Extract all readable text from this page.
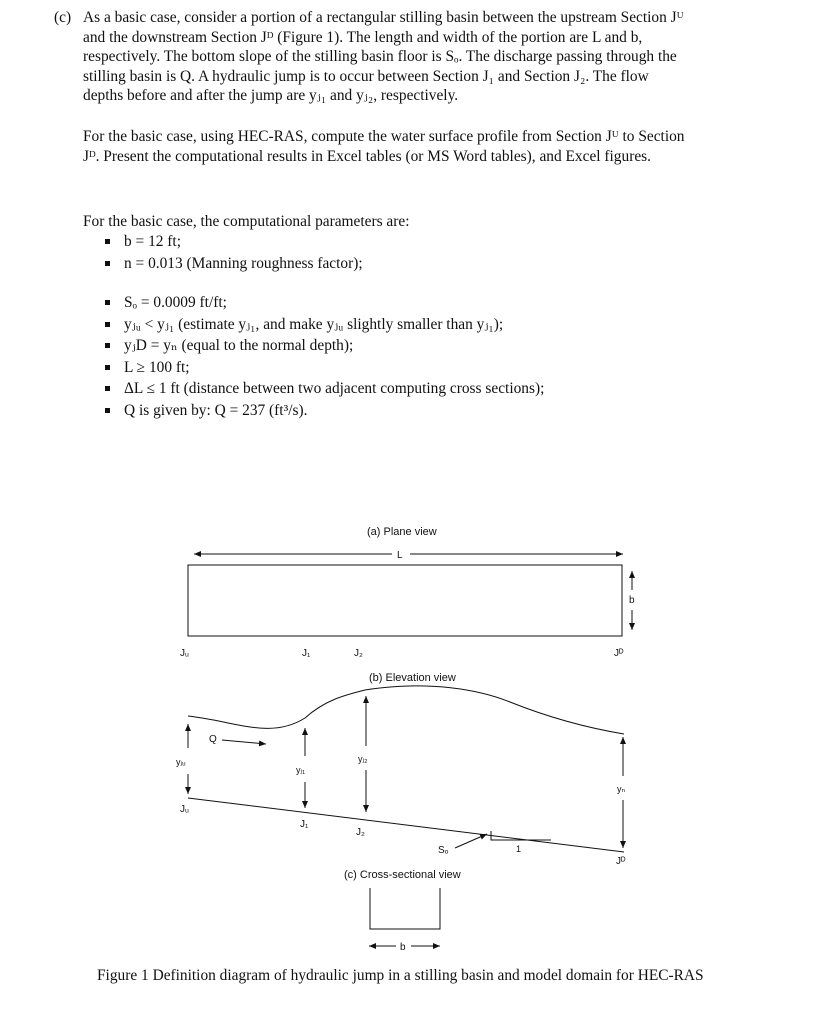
(c) As a basic case, consider a portion of a rectangular stilling basin between the upstream Section Jᵁ
and the downstream Section Jᴰ (Figure 1). The length and width of the portion are L and b,
respectively. The bottom slope of the stilling basin floor is Sₒ. The discharge passing through the
stilling basin is Q. A hydraulic jump is to occur between Section J₁ and Section J₂. The flow
depths before and after the jump are yⱼ₁ and yⱼ₂, respectively.
For the basic case, using HEC-RAS, compute the water surface profile from Section Jᵁ to Section
Jᴰ. Present the computational results in Excel tables (or MS Word tables), and Excel figures.
For the basic case, the computational parameters are:
b = 12 ft;
n = 0.013 (Manning roughness factor);
Sₒ = 0.0009 ft/ft;
yⱼᵤ < yⱼ₁ (estimate yⱼ₁, and make yⱼᵤ slightly smaller than yⱼ₁);
yⱼD = yₙ (equal to the normal depth);
L ≥ 100 ft;
ΔL ≤ 1 ft (distance between two adjacent computing cross sections);
Q is given by: Q = 237 (ft³/s).
(a) Plane view
L
b
Jᵤ	J₁	J₂	Jᴰ
(b) Elevation view
Q
yⱼᵤ
Jᵤ
yⱼ₁
J₁
yⱼ₂
J₂
yₙ
Jᴰ
Sₒ	1
(c) Cross-sectional view
b
Figure 1 Definition diagram of hydraulic jump in a stilling basin and model domain for HEC-RAS
